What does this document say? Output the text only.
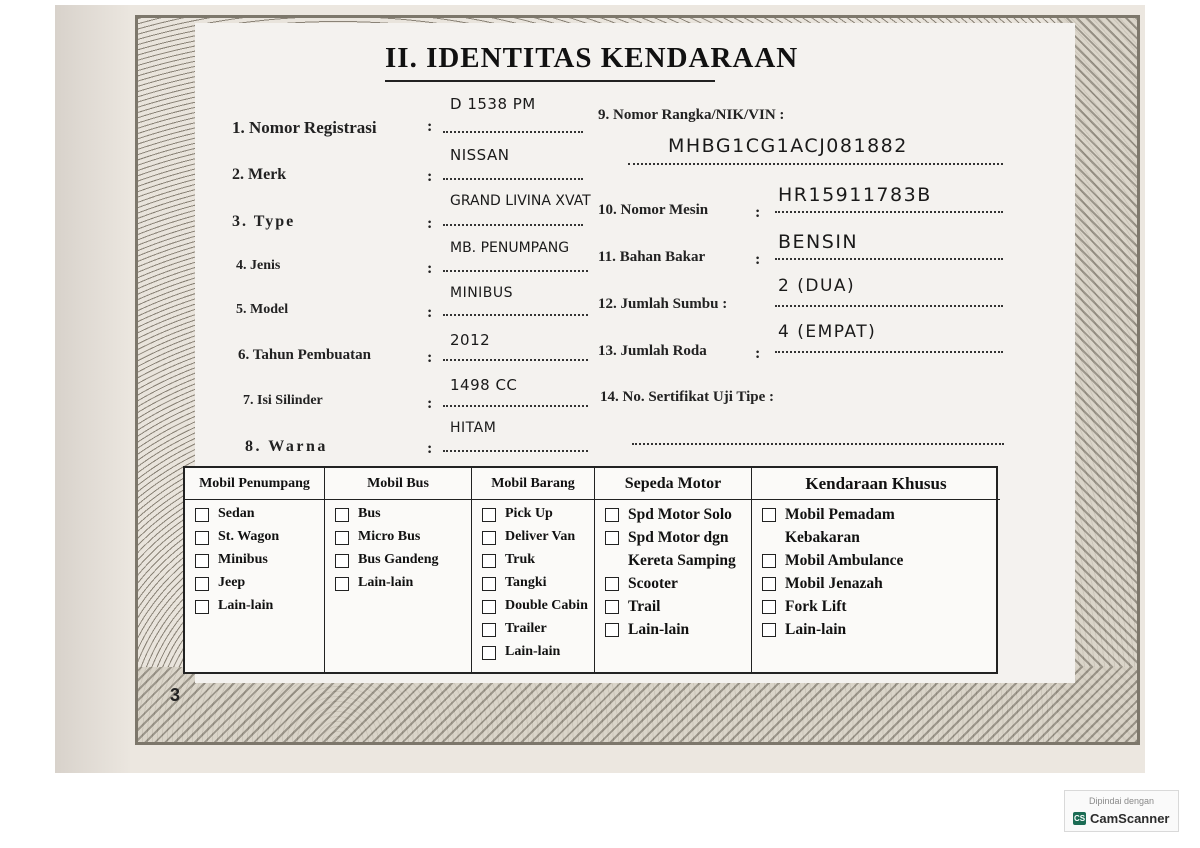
3
II. IDENTITAS KENDARAAN
1. Nomor Registrasi	:
D 1538 PM
2. Merk	:
NISSAN
3. Type	:
GRAND LIVINA XVAT
4. Jenis	:
MB. PENUMPANG
5. Model	:
MINIBUS
6. Tahun Pembuatan	:
2012
7. Isi Silinder	:
1498 CC
8. Warna	:
HITAM
9. Nomor Rangka/NIK/VIN :
MHBG1CG1ACJ081882
10. Nomor Mesin	:
HR15911783B
11. Bahan Bakar	:
BENSIN
12. Jumlah Sumbu :
2 (DUA)
13. Jumlah Roda	:
4 (EMPAT)
14. No. Sertifikat Uji Tipe :
Mobil Penumpang
Sedan
St. Wagon
Minibus
Jeep
Lain-lain
Mobil Bus
Bus
Micro Bus
Bus Gandeng
Lain-lain
Mobil Barang
Pick Up
Deliver Van
Truk
Tangki
Double Cabin
Trailer
Lain-lain
Sepeda Motor
Spd Motor Solo
Spd Motor dgn
Kereta Samping
Scooter
Trail
Lain-lain
Kendaraan Khusus
Mobil Pemadam
Kebakaran
Mobil Ambulance
Mobil Jenazah
Fork Lift
Lain-lain
Dipindai dengan
CS CamScanner
